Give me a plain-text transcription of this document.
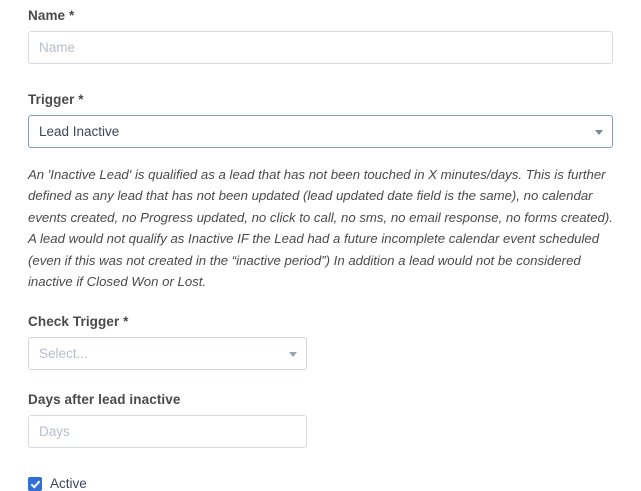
Name *
Name
Trigger *
Lead Inactive

An 'Inactive Lead' is qualified as a lead that has not been touched in X minutes/days. This is further defined as any lead that has not been updated (lead updated date field is the same), no calendar events created, no Progress updated, no click to call, no sms, no email response, no forms created). A lead would not qualify as Inactive IF the Lead had a future incomplete calendar event scheduled (even if this was not created in the “inactive period”) In addition a lead would not be considered inactive if Closed Won or Lost.

Check Trigger *
Select...
Days after lead inactive
Days
Active
